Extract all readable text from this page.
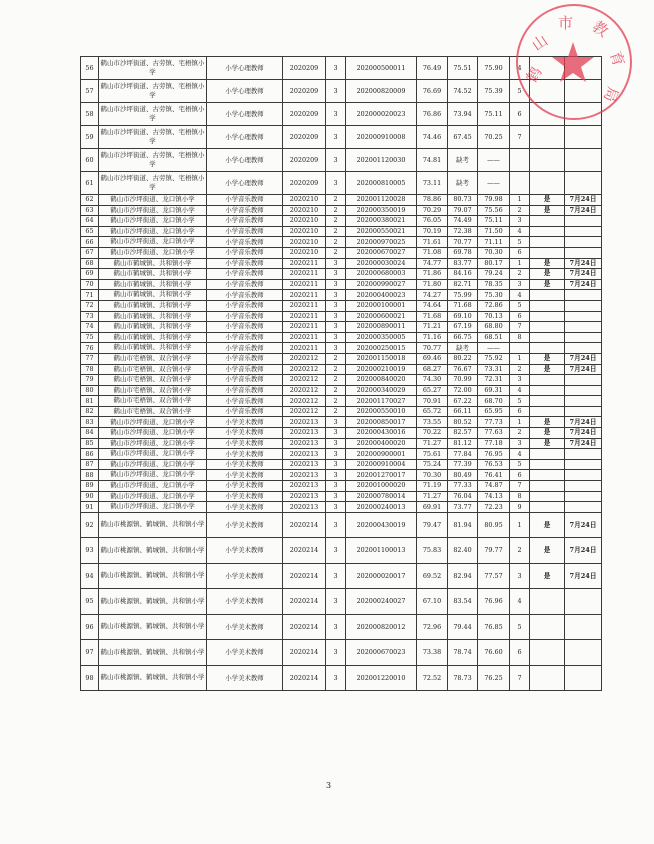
56	鹤山市沙坪街道、古劳镇、宅梧镇小学	小学心理教师	2020209	3	202000500011	76.49	75.51	75.90	4		
57	鹤山市沙坪街道、古劳镇、宅梧镇小学	小学心理教师	2020209	3	202000820009	76.69	74.52	75.39	5		
58	鹤山市沙坪街道、古劳镇、宅梧镇小学	小学心理教师	2020209	3	202000020023	76.86	73.94	75.11	6		
59	鹤山市沙坪街道、古劳镇、宅梧镇小学	小学心理教师	2020209	3	202000910008	74.46	67.45	70.25	7		
60	鹤山市沙坪街道、古劳镇、宅梧镇小学	小学心理教师	2020209	3	202001120030	74.81	缺考	——			
61	鹤山市沙坪街道、古劳镇、宅梧镇小学	小学心理教师	2020209	3	202000810005	73.11	缺考	——			
62	鹤山市沙坪街道、龙口镇小学	小学音乐教师	2020210	2	202001120028	78.86	80.73	79.98	1	是	7月24日
63	鹤山市沙坪街道、龙口镇小学	小学音乐教师	2020210	2	202000350019	70.29	79.07	75.56	2	是	7月24日
64	鹤山市沙坪街道、龙口镇小学	小学音乐教师	2020210	2	202000380021	76.05	74.49	75.11	3		
65	鹤山市沙坪街道、龙口镇小学	小学音乐教师	2020210	2	202000550021	70.19	72.38	71.50	4		
66	鹤山市沙坪街道、龙口镇小学	小学音乐教师	2020210	2	202000970025	71.61	70.77	71.11	5		
67	鹤山市沙坪街道、龙口镇小学	小学音乐教师	2020210	2	202000670027	71.08	69.78	70.30	6		
68	鹤山市鹤城镇、共和镇小学	小学音乐教师	2020211	3	202000030024	74.77	83.77	80.17	1	是	7月24日
69	鹤山市鹤城镇、共和镇小学	小学音乐教师	2020211	3	202000680003	71.86	84.16	79.24	2	是	7月24日
70	鹤山市鹤城镇、共和镇小学	小学音乐教师	2020211	3	202000990027	71.80	82.71	78.35	3	是	7月24日
71	鹤山市鹤城镇、共和镇小学	小学音乐教师	2020211	3	202000400023	74.27	75.99	75.30	4		
72	鹤山市鹤城镇、共和镇小学	小学音乐教师	2020211	3	202000100001	74.64	71.68	72.86	5		
73	鹤山市鹤城镇、共和镇小学	小学音乐教师	2020211	3	202000600021	71.68	69.10	70.13	6		
74	鹤山市鹤城镇、共和镇小学	小学音乐教师	2020211	3	202000890011	71.21	67.19	68.80	7		
75	鹤山市鹤城镇、共和镇小学	小学音乐教师	2020211	3	202000350005	71.16	66.75	68.51	8		
76	鹤山市鹤城镇、共和镇小学	小学音乐教师	2020211	3	202000250015	70.77	缺考	——			
77	鹤山市宅梧镇、双合镇小学	小学音乐教师	2020212	2	202001150018	69.46	80.22	75.92	1	是	7月24日
78	鹤山市宅梧镇、双合镇小学	小学音乐教师	2020212	2	202000210019	68.27	76.67	73.31	2	是	7月24日
79	鹤山市宅梧镇、双合镇小学	小学音乐教师	2020212	2	202000840020	74.30	70.99	72.31	3		
80	鹤山市宅梧镇、双合镇小学	小学音乐教师	2020212	2	202000340029	65.27	72.00	69.31	4		
81	鹤山市宅梧镇、双合镇小学	小学音乐教师	2020212	2	202001170027	70.91	67.22	68.70	5		
82	鹤山市宅梧镇、双合镇小学	小学音乐教师	2020212	2	202000550010	65.72	66.11	65.95	6		
83	鹤山市沙坪街道、龙口镇小学	小学美术教师	2020213	3	202000850017	73.55	80.52	77.73	1	是	7月24日
84	鹤山市沙坪街道、龙口镇小学	小学美术教师	2020213	3	202000430016	70.22	82.57	77.63	2	是	7月24日
85	鹤山市沙坪街道、龙口镇小学	小学美术教师	2020213	3	202000400020	71.27	81.12	77.18	3	是	7月24日
86	鹤山市沙坪街道、龙口镇小学	小学美术教师	2020213	3	202000900001	75.61	77.84	76.95	4		
87	鹤山市沙坪街道、龙口镇小学	小学美术教师	2020213	3	202000910004	75.24	77.39	76.53	5		
88	鹤山市沙坪街道、龙口镇小学	小学美术教师	2020213	3	202001270017	70.30	80.49	76.41	6		
89	鹤山市沙坪街道、龙口镇小学	小学美术教师	2020213	3	202001000020	71.19	77.33	74.87	7		
90	鹤山市沙坪街道、龙口镇小学	小学美术教师	2020213	3	202000780014	71.27	76.04	74.13	8		
91	鹤山市沙坪街道、龙口镇小学	小学美术教师	2020213	3	202000240013	69.91	73.77	72.23	9		
92	鹤山市桃源镇、鹤城镇、共和镇小学	小学美术教师	2020214	3	202000430019	79.47	81.94	80.95	1	是	7月24日
93	鹤山市桃源镇、鹤城镇、共和镇小学	小学美术教师	2020214	3	202001100013	75.83	82.40	79.77	2	是	7月24日
94	鹤山市桃源镇、鹤城镇、共和镇小学	小学美术教师	2020214	3	202000020017	69.52	82.94	77.57	3	是	7月24日
95	鹤山市桃源镇、鹤城镇、共和镇小学	小学美术教师	2020214	3	202000240027	67.10	83.54	76.96	4		
96	鹤山市桃源镇、鹤城镇、共和镇小学	小学美术教师	2020214	3	202000820012	72.96	79.44	76.85	5		
97	鹤山市桃源镇、鹤城镇、共和镇小学	小学美术教师	2020214	3	202000670023	73.38	78.74	76.60	6		
98	鹤山市桃源镇、鹤城镇、共和镇小学	小学美术教师	2020214	3	202001220010	72.52	78.73	76.25	7		
鹤
山
市 教
育
局
3
